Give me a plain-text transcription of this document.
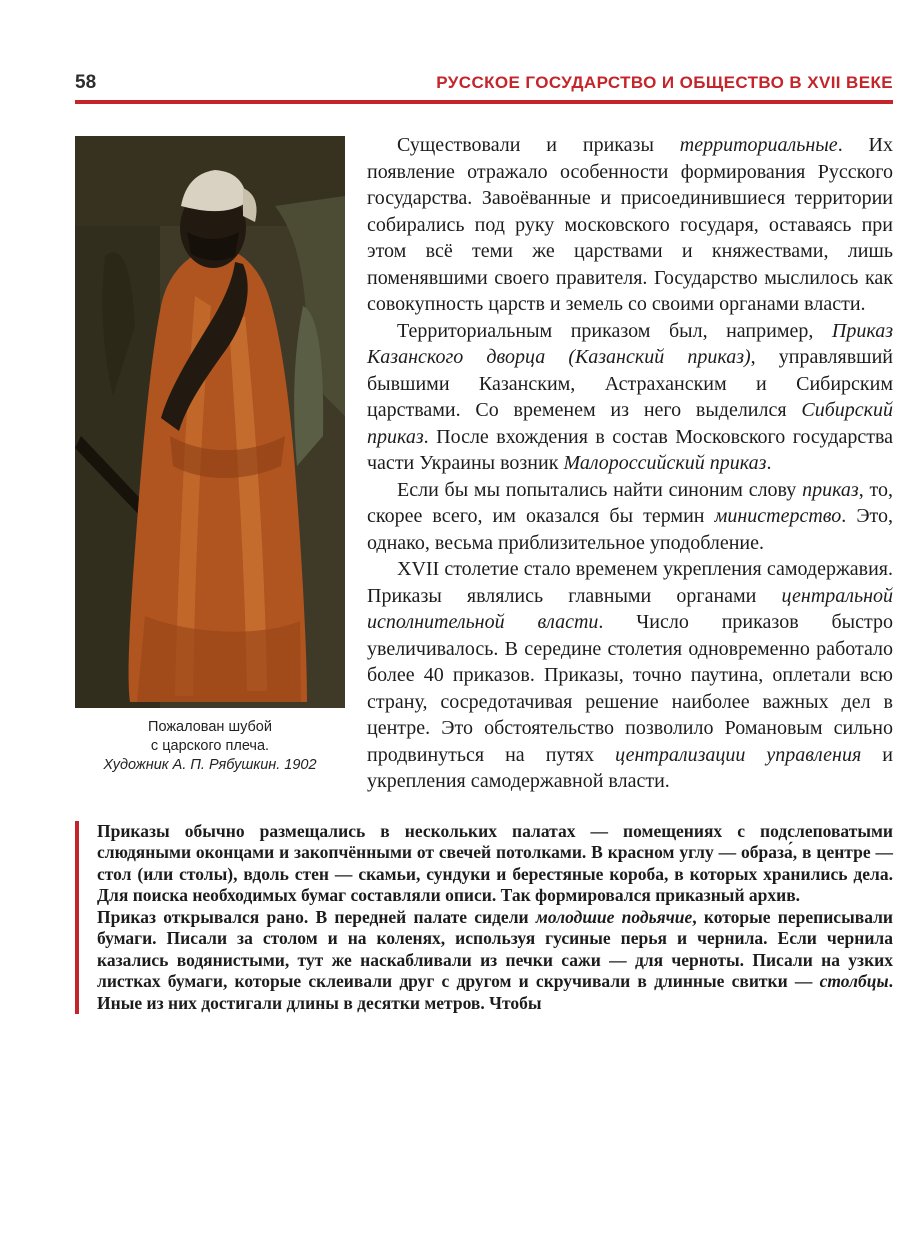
58	РУССКОЕ ГОСУДАРСТВО И ОБЩЕСТВО В XVII ВЕКЕ
Пожалован шубой
с царского плеча.
Художник А. П. Рябушкин. 1902

Существовали и приказы территориальные. Их появление отражало особенности формирования Русского государства. Завоёванные и присоединившиеся территории собирались под руку московского государя, оставаясь при этом всё теми же царствами и княжествами, лишь поменявшими своего правителя. Государство мыслилось как совокупность царств и земель со своими органами власти.

Территориальным приказом был, например, Приказ Казанского дворца (Казанский приказ), управлявший бывшими Казанским, Астраханским и Сибирским царствами. Со временем из него выделился Сибирский приказ. После вхождения в состав Московского государства части Украины возник Малороссийский приказ.

Если бы мы попытались найти синоним слову приказ, то, скорее всего, им оказался бы термин министерство. Это, однако, весьма приблизительное уподобление.

XVII столетие стало временем укрепления самодержавия. Приказы являлись главными органами центральной исполнительной власти. Число приказов быстро увеличивалось. В середине столетия одновременно работало более 40 приказов. Приказы, точно паутина, оплетали всю страну, сосредотачивая решение наиболее важных дел в центре. Это обстоятельство позволило Романовым сильно продвинуться на путях централизации управления и укрепления самодержавной власти.

Приказы обычно размещались в нескольких палатах — помещениях с подслеповатыми слюдяными оконцами и закопчёнными от свечей потолками. В красном углу — образа́, в центре — стол (или столы), вдоль стен — скамьи, сундуки и берестяные короба, в которых хранились дела. Для поиска необходимых бумаг составляли описи. Так формировался приказный архив.

Приказ открывался рано. В передней палате сидели молодшие подьячие, которые переписывали бумаги. Писали за столом и на коленях, используя гусиные перья и чернила. Если чернила казались водянистыми, тут же наскабливали из печки сажи — для черноты. Писали на узких листках бумаги, которые склеивали друг с другом и скручивали в длинные свитки — столбцы. Иные из них достигали длины в десятки метров. Чтобы
